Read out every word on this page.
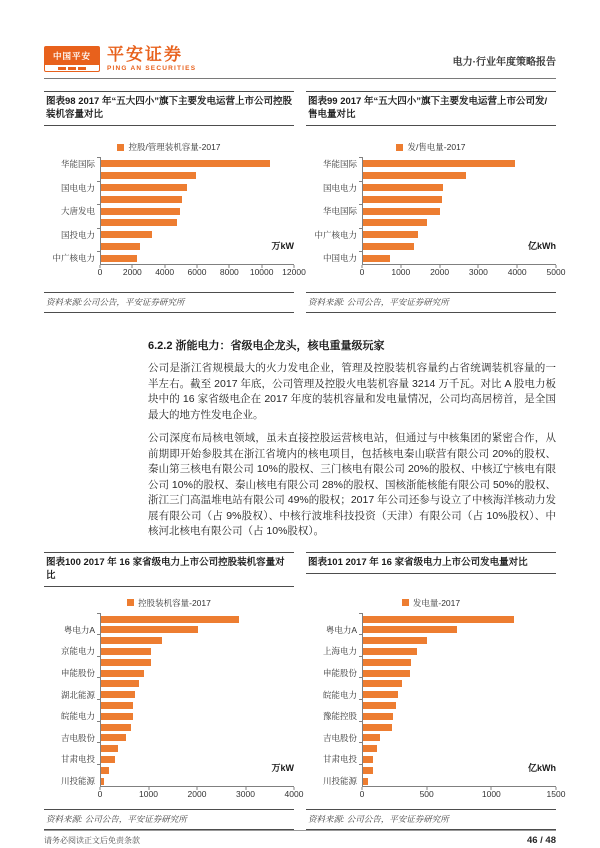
中国平安 平安证券
PING AN SECURITIES
电力·行业年度策略报告
图表98 2017 年“五大四小”旗下主要发电运营上市公司控股装机容量对比
控股/管理装机容量-2017
华能国际
国电电力
大唐发电
国投电力
中广核电力
万kW
0 2000 4000 6000 8000 10000 12000
资料来源:公司公告，平安证券研究所
图表99 2017 年“五大四小”旗下主要发电运营上市公司发/售电量对比
发/售电量-2017
华能国际
国电电力
华电国际
中广核电力
中国电力
亿kWh
0	1000 2000 3000 4000 5000
资料来源: 公司公告，平安证券研究所
6.2.2 浙能电力：省级电企龙头，核电重量级玩家
公司是浙江省规模最大的火力发电企业，管理及控股装机容量约占省统调装机容量的一半左右。截至 2017 年底，公司管理及控股火电装机容量 3214 万千瓦。对比 A 股电力板块中的 16 家省级电企在 2017 年度的装机容量和发电量情况，公司均高居榜首，是全国最大的地方性发电企业。
公司深度布局核电领域，虽未直接控股运营核电站，但通过与中核集团的紧密合作，从前期即开始参股其在浙江省境内的核电项目，包括核电秦山联营有限公司 20%的股权、秦山第三核电有限公司 10%的股权、三门核电有限公司 20%的股权、中核辽宁核电有限公司 10%的股权、秦山核电有限公司 28%的股权、国核浙能核能有限公司 50%的股权、浙江三门高温堆电站有限公司 49%的股权；2017 年公司还参与设立了中核海洋核动力发展有限公司（占 9%股权）、中核行波堆科技投资（天津）有限公司（占 10%股权）、中核河北核电有限公司（占 10%股权）。
图表100 2017 年 16 家省级电力上市公司控股装机容量对比
控股装机容量-2017
粤电力A
京能电力
申能股份
湖北能源
皖能电力
吉电股份
甘肃电投
川投能源
万kW
0	1000	2000	3000	4000
资料来源: 公司公告，平安证券研究所
图表101 2017 年 16 家省级电力上市公司发电量对比
发电量-2017
粤电力A
上海电力
申能股份
皖能电力
豫能控股
吉电股份
甘肃电投
川投能源
亿kWh
0	500	1000	1500
资料来源: 公司公告，平安证券研究所
请务必阅读正文后免责条款	46 / 48
